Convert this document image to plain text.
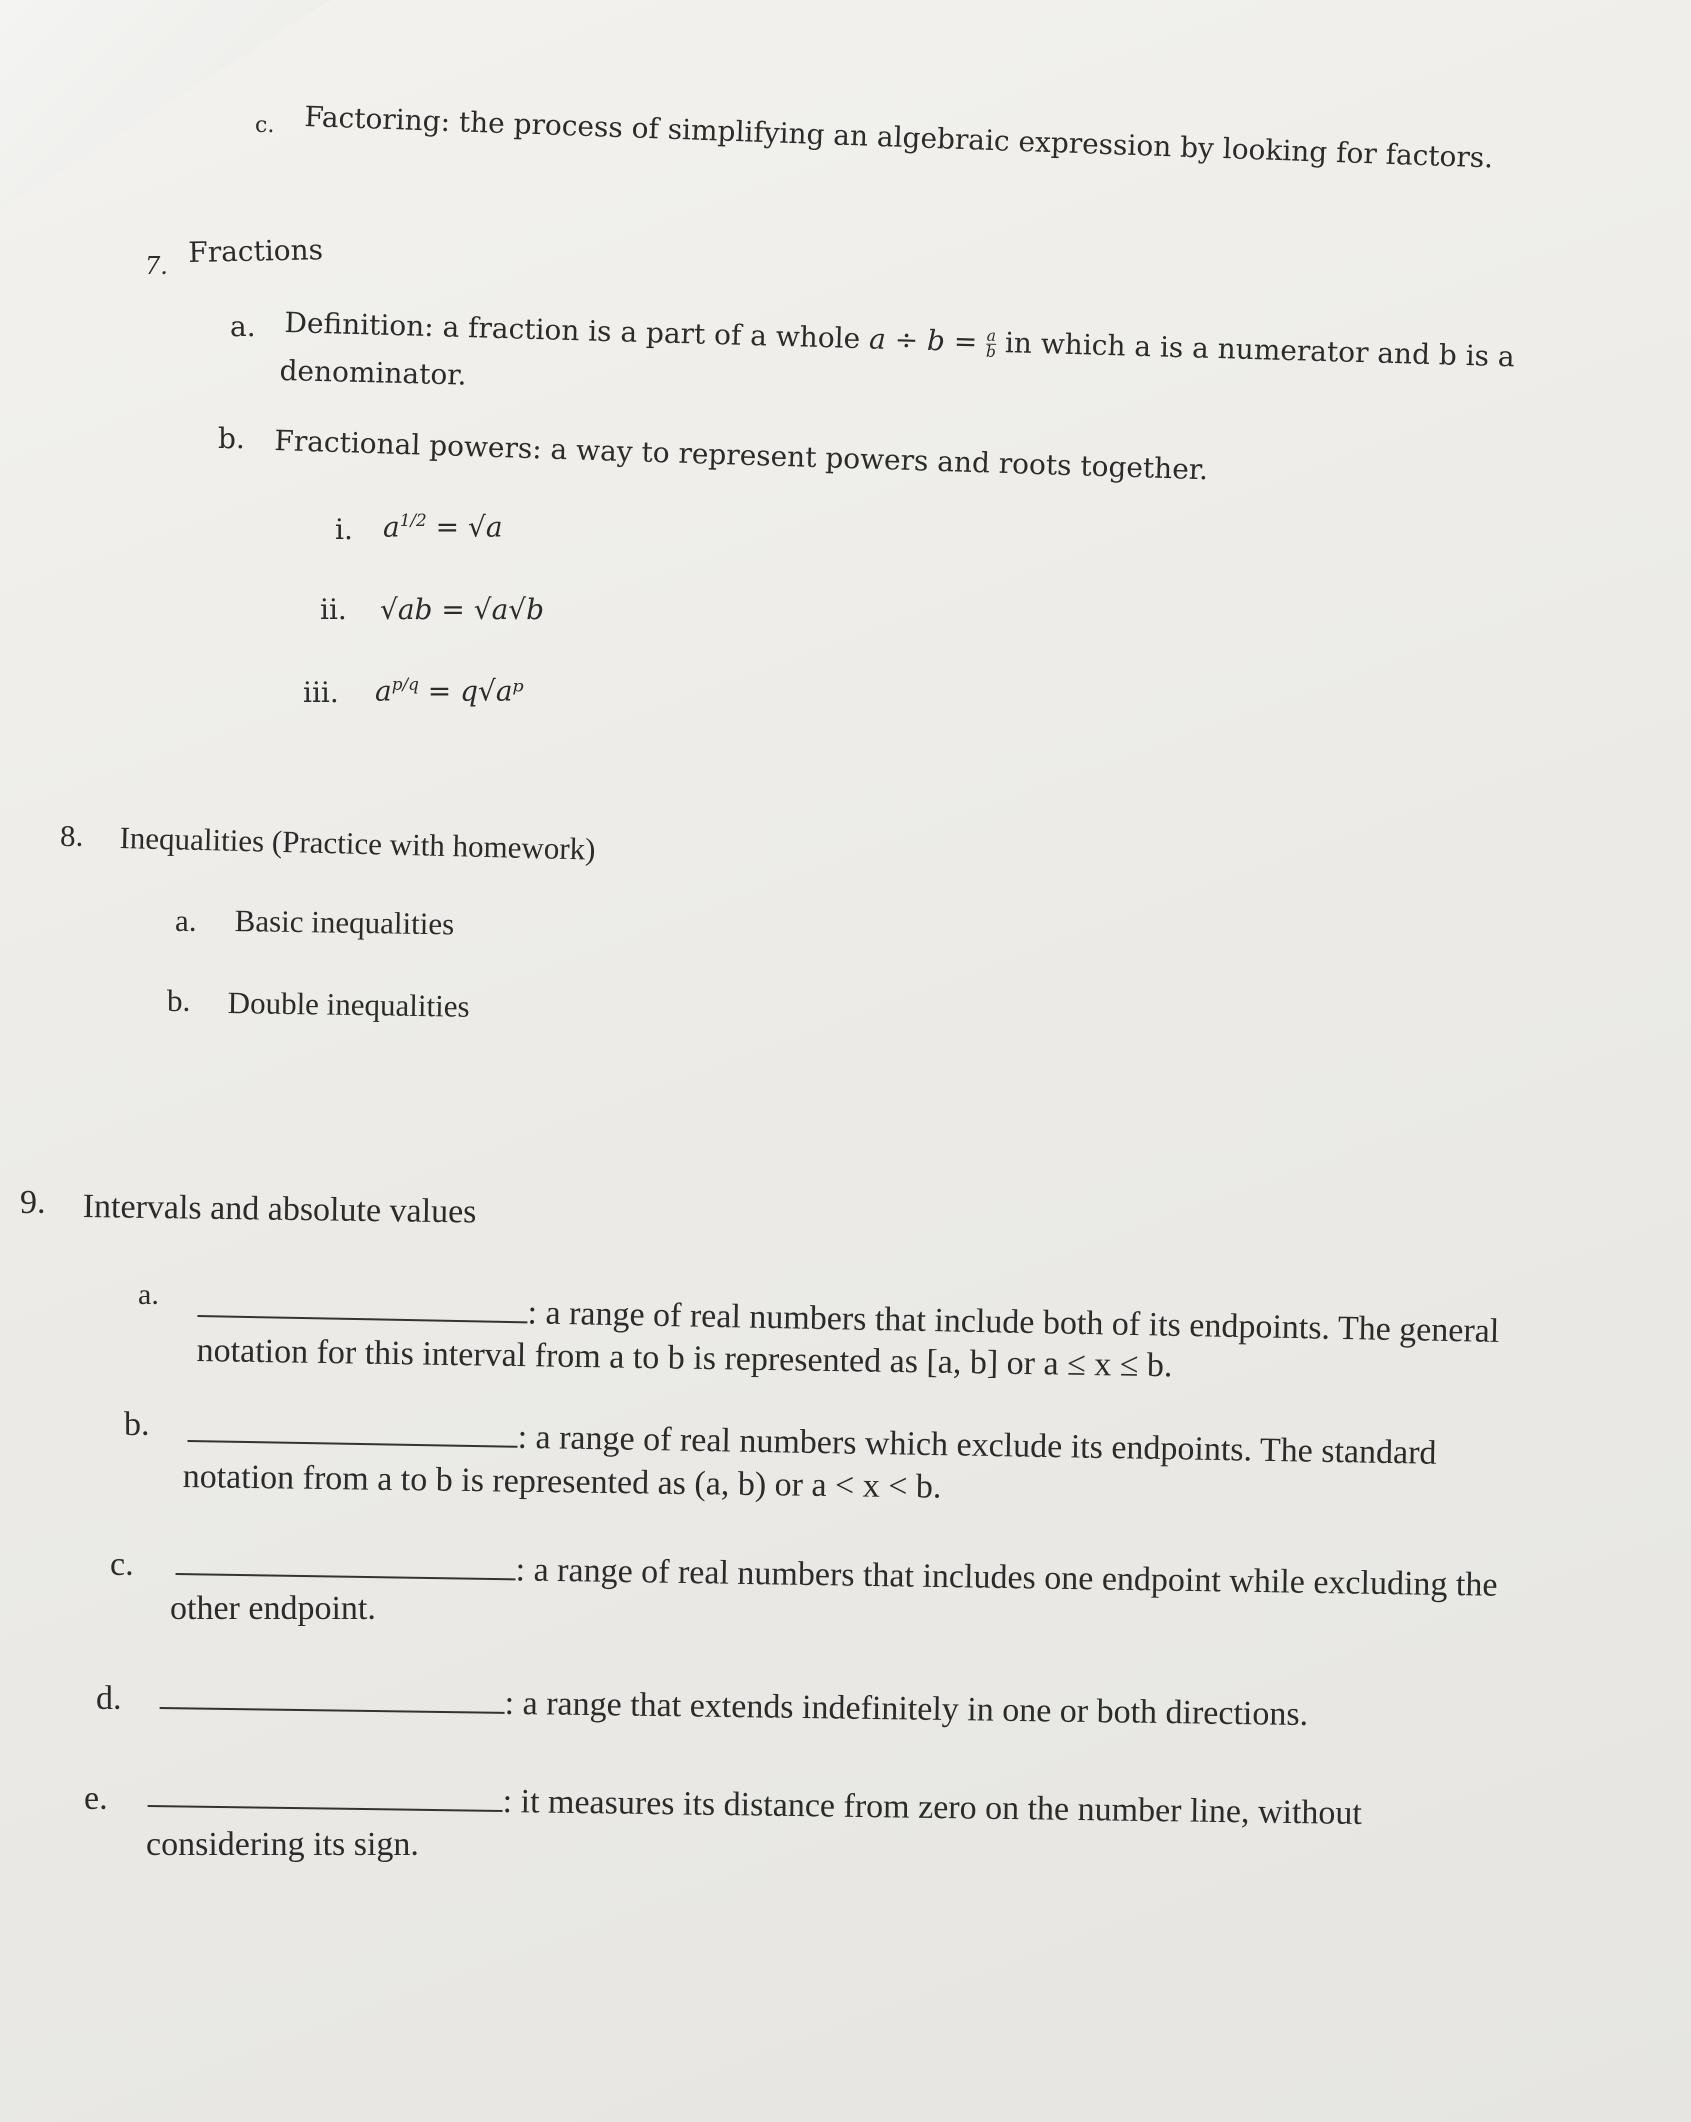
c. Factoring: the process of simplifying an algebraic expression by looking for factors.
7. Fractions
a. Definition: a fraction is a part of a whole $a \div b = \frac{a}{b}$ in which a is a numerator and b is a
denominator.
b. Fractional powers: a way to represent powers and roots together.
i. $a^{1/2} = √a$
ii. √ab = √a√b
iii. $a^{p/q}$ = q√aᵖ
8. Inequalities (Practice with homework)
a. Basic inequalities
b. Double inequalities
9. Intervals and absolute values
a.	: a range of real numbers that include both of its endpoints. The general
notation for this interval from a to b is represented as [a, b] or a ≤ x ≤ b.
b.	: a range of real numbers which exclude its endpoints. The standard
notation from a to b is represented as (a, b) or a < x < b.
c.	: a range of real numbers that includes one endpoint while excluding the
other endpoint.
d.	: a range that extends indefinitely in one or both directions.
e.	: it measures its distance from zero on the number line, without
considering its sign.
